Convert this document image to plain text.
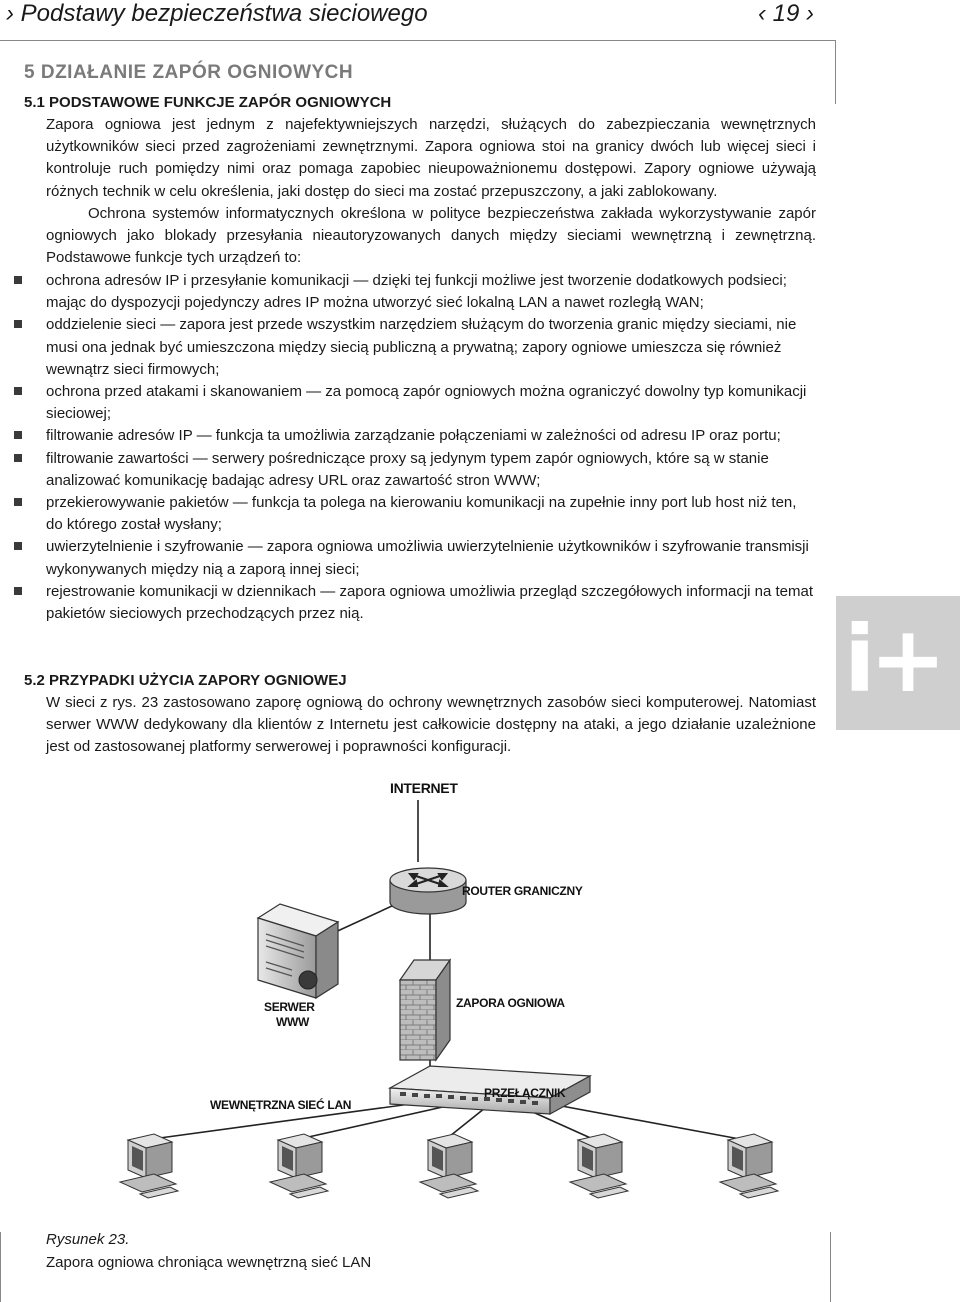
› Podstawy bezpieczeństwa sieciowego	‹ 19 ›
5 DZIAŁANIE ZAPÓR OGNIOWYCH
5.1 PODSTAWOWE FUNKCJE ZAPÓR OGNIOWYCH
Zapora ogniowa jest jednym z najefektywniejszych narzędzi, służących do zabezpieczania wewnętrznych użytkowników sieci przed zagrożeniami zewnętrznymi. Zapora ogniowa stoi na granicy dwóch lub więcej sieci i kontroluje ruch pomiędzy nimi oraz pomaga zapobiec nieupoważnionemu dostępowi. Zapory ogniowe używają różnych technik w celu określenia, jaki dostęp do sieci ma zostać przepuszczony, a jaki zablokowany.
Ochrona systemów informatycznych określona w polityce bezpieczeństwa zakłada wykorzystywanie zapór ogniowych jako blokady przesyłania nieautoryzowanych danych między sieciami wewnętrzną i zewnętrzną. Podstawowe funkcje tych urządzeń to:
ochrona adresów IP i przesyłanie komunikacji — dzięki tej funkcji możliwe jest tworzenie dodatkowych podsieci; mając do dyspozycji pojedynczy adres IP można utworzyć sieć lokalną LAN a nawet rozległą WAN;
oddzielenie sieci — zapora jest przede wszystkim narzędziem służącym do tworzenia granic między sieciami, nie musi ona jednak być umieszczona między siecią publiczną a prywatną; zapory ogniowe umieszcza się również wewnątrz sieci firmowych;
ochrona przed atakami i skanowaniem — za pomocą zapór ogniowych można ograniczyć dowolny typ komunikacji sieciowej;
filtrowanie adresów IP — funkcja ta umożliwia zarządzanie połączeniami w zależności od adresu IP oraz portu;
filtrowanie zawartości — serwery pośredniczące proxy są jedynym typem zapór ogniowych, które są w stanie analizować komunikację badając adresy URL oraz zawartość stron WWW;
przekierowywanie pakietów — funkcja ta polega na kierowaniu komunikacji na zupełnie inny port lub host niż ten, do którego został wysłany;
uwierzytelnienie i szyfrowanie — zapora ogniowa umożliwia uwierzytelnienie użytkowników i szyfrowanie transmisji wykonywanych między nią a zaporą innej sieci;
rejestrowanie komunikacji w dziennikach — zapora ogniowa umożliwia przegląd szczegółowych informacji na temat pakietów sieciowych przechodzących przez nią.
5.2 PRZYPADKI UŻYCIA ZAPORY OGNIOWEJ
W sieci z rys. 23 zastosowano zaporę ogniową do ochrony wewnętrznych zasobów sieci komputerowej. Natomiast serwer WWW dedykowany dla klientów z Internetu jest całkowicie dostępny na ataki, a jego działanie uzależnione jest od zastosowanej platformy serwerowej i poprawności konfiguracji.
i+
INTERNET
ROUTER GRANICZNY
SERWER
WWW
ZAPORA OGNIOWA
PRZEŁĄCZNIK
WEWNĘTRZNA SIEĆ LAN
Rysunek 23.
Zapora ogniowa chroniąca wewnętrzną sieć LAN
